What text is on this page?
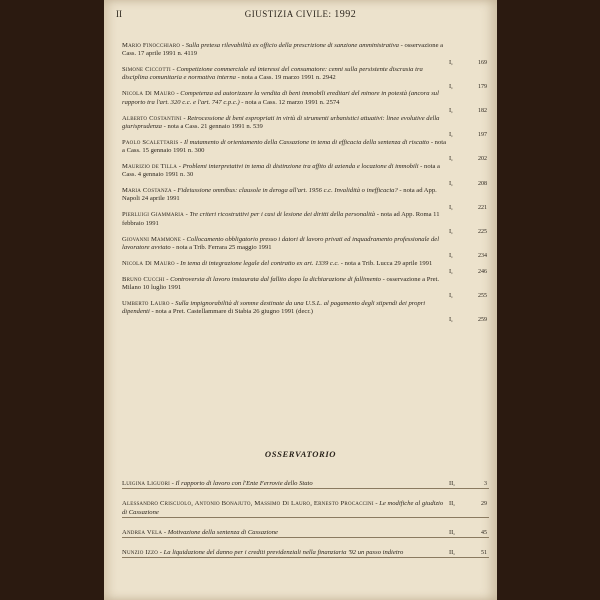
II	GIUSTIZIA CIVILE: 1992
Mario Finocchiaro - Sulla pretesa rilevabilità ex officio della prescrizione di sanzione amministrativa - osservazione a Cass. 17 aprile 1991 n. 4119
I,	169
Simone Ciccotti - Competizione commerciale ed interessi del consumatore: cenni sulla persistente discrasia tra disciplina comunitaria e normativa interna - nota a Cass. 19 marzo 1991 n. 2942
I,	179
Nicola Di Mauro - Competenza ad autorizzare la vendita di beni immobili ereditari del minore in potestà (ancora sul rapporto tra l'art. 320 c.c. e l'art. 747 c.p.c.) - nota a Cass. 12 marzo 1991 n. 2574
I,	182
Alberto Costantini - Retrocessione di beni espropriati in virtù di strumenti urbanistici attuativi: linee evolutive della giurisprudenza - nota a Cass. 21 gennaio 1991 n. 539
I,	197
Paolo Scalettaris - Il mutamento di orientamento della Cassazione in tema di efficacia della sentenza di riscatto - nota a Cass. 15 gennaio 1991 n. 300
I,	202
Maurizio de Tilla - Problemi interpretativi in tema di distinzione tra affito di azienda e locazione di immobili - nota a Cass. 4 gennaio 1991 n. 30
I,	208
Maria Costanza - Fideiussione omnibus: clausole in deroga all'art. 1956 c.c. Invalidità o inefficacia? - nota ad App. Napoli 24 aprile 1991
I,	221
Pierluigi Giammaria - Tre criteri ricostruttivi per i casi di lesione dei diritti della personalità - nota ad App. Roma 11 febbraio 1991
I,	225
Giovanni Mammone - Collocamento obbligatorio presso i datori di lavoro privati ed inquadramento professionale del lavoratore avviato - nota a Trib. Ferrara 25 maggio 1991
I,	234
Nicola Di Mauro - In tema di integrazione legale del contratto ex art. 1339 c.c. - nota a Trib. Lucca 29 aprile 1991
I,	246
Bruno Cucchi - Controversia di lavoro instaurata dal fallito dopo la dichiarazione di fallimento - osservazione a Pret. Milano 10 luglio 1991
I,	255
Umberto Lauro - Sulla impignorabilità di somme destinate da una U.S.L. al pagamento degli stipendi dei propri dipendenti - nota a Pret. Castellammare di Stabia 26 giugno 1991 (decr.)
I,	259
OSSERVATORIO
Luigina Liguori - Il rapporto di lavoro con l'Ente Ferrovie dello Stato	II,	3
Alessandro Criscuolo, Antonio Bonajuto, Massimo Di Lauro, Ernesto Procaccini - Le modifiche al giudizio di Cassazione
II,	29
Andrea Vela - Motivazione della sentenza di Cassazione	II,	45
Nunzio Izzo - La liquidazione del danno per i crediti previdenziali nella finanziaria '92 un passo indietro	II,	51
